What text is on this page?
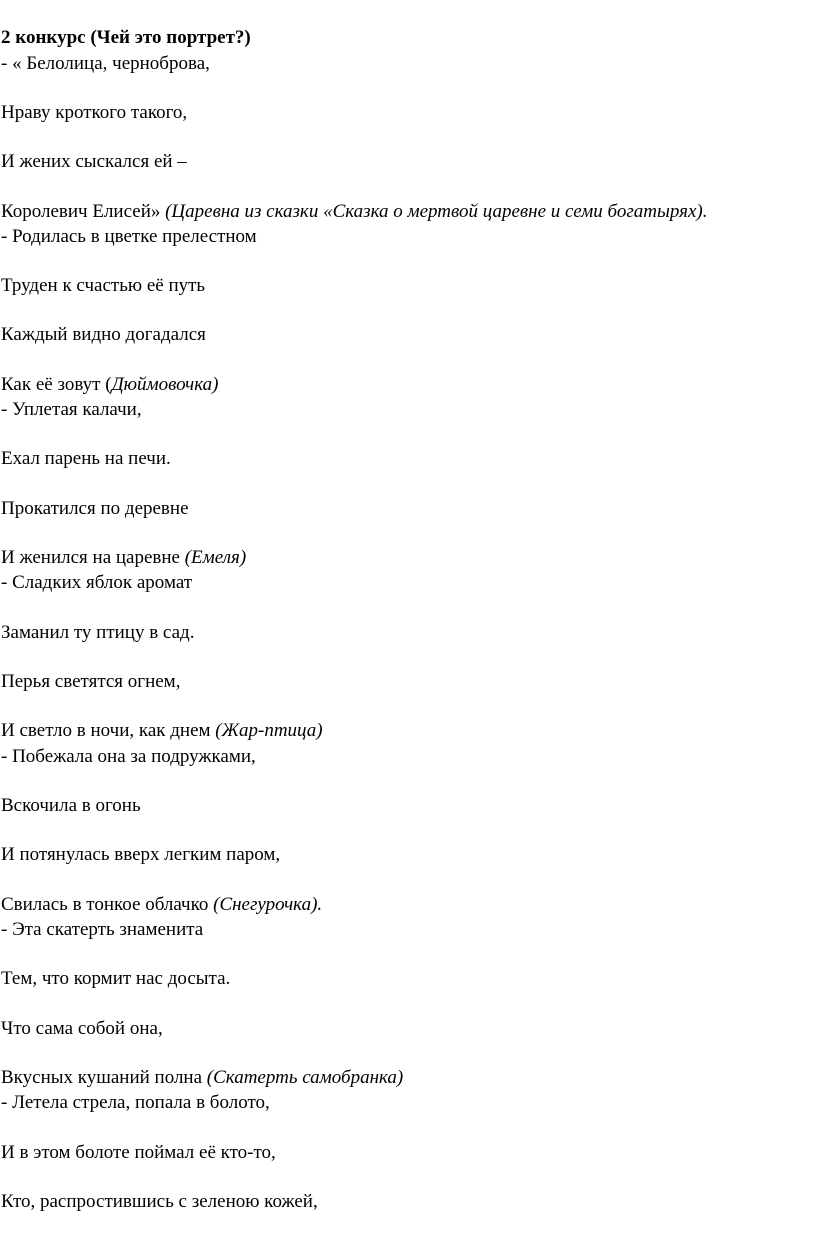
2 конкурс (Чей это портрет?)
- « Белолица, черноброва,
Нраву кроткого такого,
И жених сыскался ей –
Королевич Елисей» (Царевна из сказки «Сказка о мертвой царевне и семи богатырях).
- Родилась в цветке прелестном
Труден к счастью её путь
Каждый видно догадался
Как её зовут (Дюймовочка)
- Уплетая калачи,
Ехал парень на печи.
Прокатился по деревне
И женился на царевне (Емеля)
- Сладких яблок аромат
Заманил ту птицу в сад.
Перья светятся огнем,
И светло в ночи, как днем (Жар-птица)
- Побежала она за подружками,
Вскочила в огонь
И потянулась вверх легким паром,
Свилась в тонкое облачко (Снегурочка).
- Эта скатерть знаменита
Тем, что кормит нас досыта.
Что сама собой она,
Вкусных кушаний полна (Скатерть самобранка)
- Летела стрела, попала в болото,
И в этом болоте поймал её кто-то,
Кто, распростившись с зеленою кожей,
